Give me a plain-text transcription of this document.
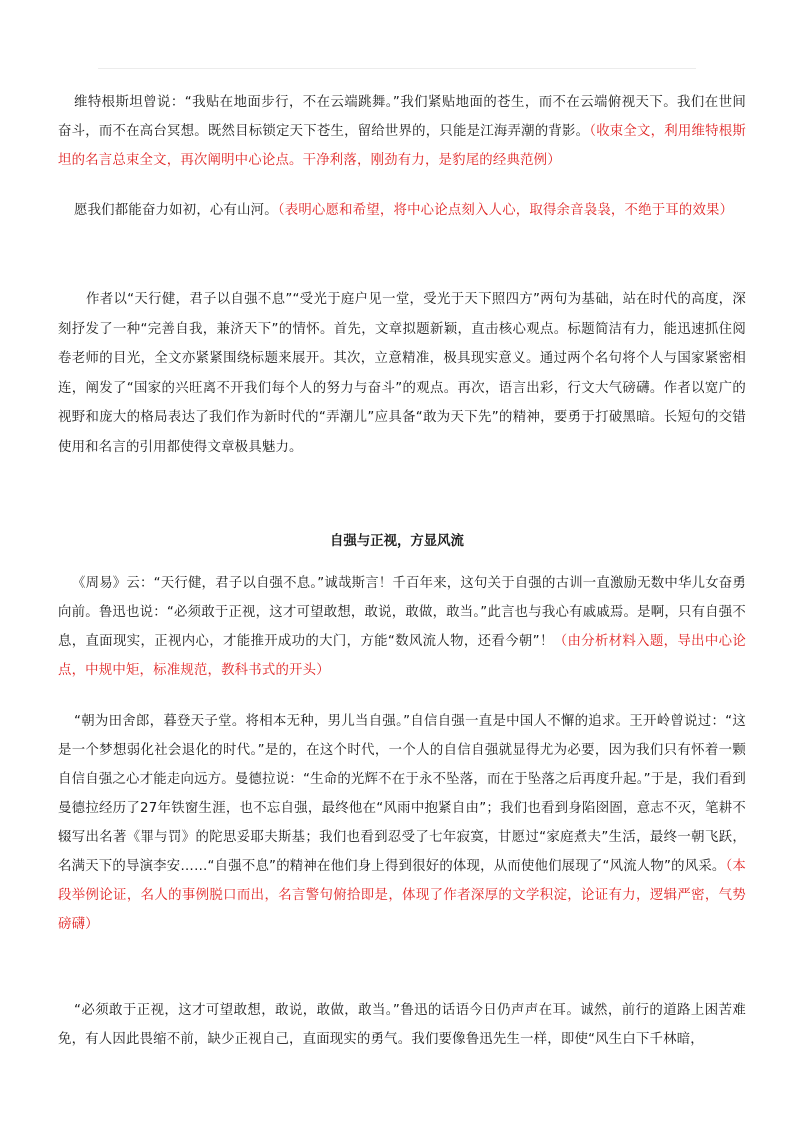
维特根斯坦曾说：“我贴在地面步行，不在云端跳舞。”我们紧贴地面的苍生，而不在云端俯视天下。我们在世间奋斗，而不在高台冥想。既然目标锁定天下苍生，留给世界的，只能是江海弄潮的背影。（收束全文，利用维特根斯坦的名言总束全文，再次阐明中心论点。干净利落，刚劲有力，是豹尾的经典范例）

愿我们都能奋力如初，心有山河。（表明心愿和希望，将中心论点刻入人心，取得余音袅袅，不绝于耳的效果）

作者以“天行健，君子以自强不息”“受光于庭户见一堂，受光于天下照四方”两句为基础，站在时代的高度，深刻抒发了一种“完善自我，兼济天下”的情怀。首先，文章拟题新颖，直击核心观点。标题简洁有力，能迅速抓住阅卷老师的目光，全文亦紧紧围绕标题来展开。其次，立意精准，极具现实意义。通过两个名句将个人与国家紧密相连，阐发了“国家的兴旺离不开我们每个人的努力与奋斗”的观点。再次，语言出彩，行文大气磅礴。作者以宽广的视野和庞大的格局表达了我们作为新时代的“弄潮儿”应具备“敢为天下先”的精神，要勇于打破黑暗。长短句的交错使用和名言的引用都使得文章极具魅力。

自强与正视，方显风流

《周易》云：“天行健，君子以自强不息。”诚哉斯言！千百年来，这句关于自强的古训一直激励无数中华儿女奋勇向前。鲁迅也说：“必须敢于正视，这才可望敢想，敢说，敢做，敢当。”此言也与我心有戚戚焉。是啊，只有自强不息，直面现实，正视内心，才能推开成功的大门，方能“数风流人物，还看今朝”！（由分析材料入题，导出中心论点，中规中矩，标准规范，教科书式的开头）

“朝为田舍郎，暮登天子堂。将相本无种，男儿当自强。”自信自强一直是中国人不懈的追求。王开岭曾说过：“这是一个梦想弱化社会退化的时代。”是的，在这个时代，一个人的自信自强就显得尤为必要，因为我们只有怀着一颗自信自强之心才能走向远方。曼德拉说：“生命的光辉不在于永不坠落，而在于坠落之后再度升起。”于是，我们看到曼德拉经历了27年铁窗生涯，也不忘自强，最终他在“风雨中抱紧自由”；我们也看到身陷囹圄，意志不灭，笔耕不辍写出名著《罪与罚》的陀思妥耶夫斯基；我们也看到忍受了七年寂寞，甘愿过“家庭煮夫”生活，最终一朝飞跃，名满天下的导演李安……“自强不息”的精神在他们身上得到很好的体现，从而使他们展现了“风流人物”的风采。（本段举例论证，名人的事例脱口而出，名言警句俯拾即是，体现了作者深厚的文学积淀，论证有力，逻辑严密，气势磅礴）

“必须敢于正视，这才可望敢想，敢说，敢做，敢当。”鲁迅的话语今日仍声声在耳。诚然，前行的道路上困苦难免，有人因此畏缩不前，缺少正视自己，直面现实的勇气。我们要像鲁迅先生一样，即使“风生白下千林暗，
